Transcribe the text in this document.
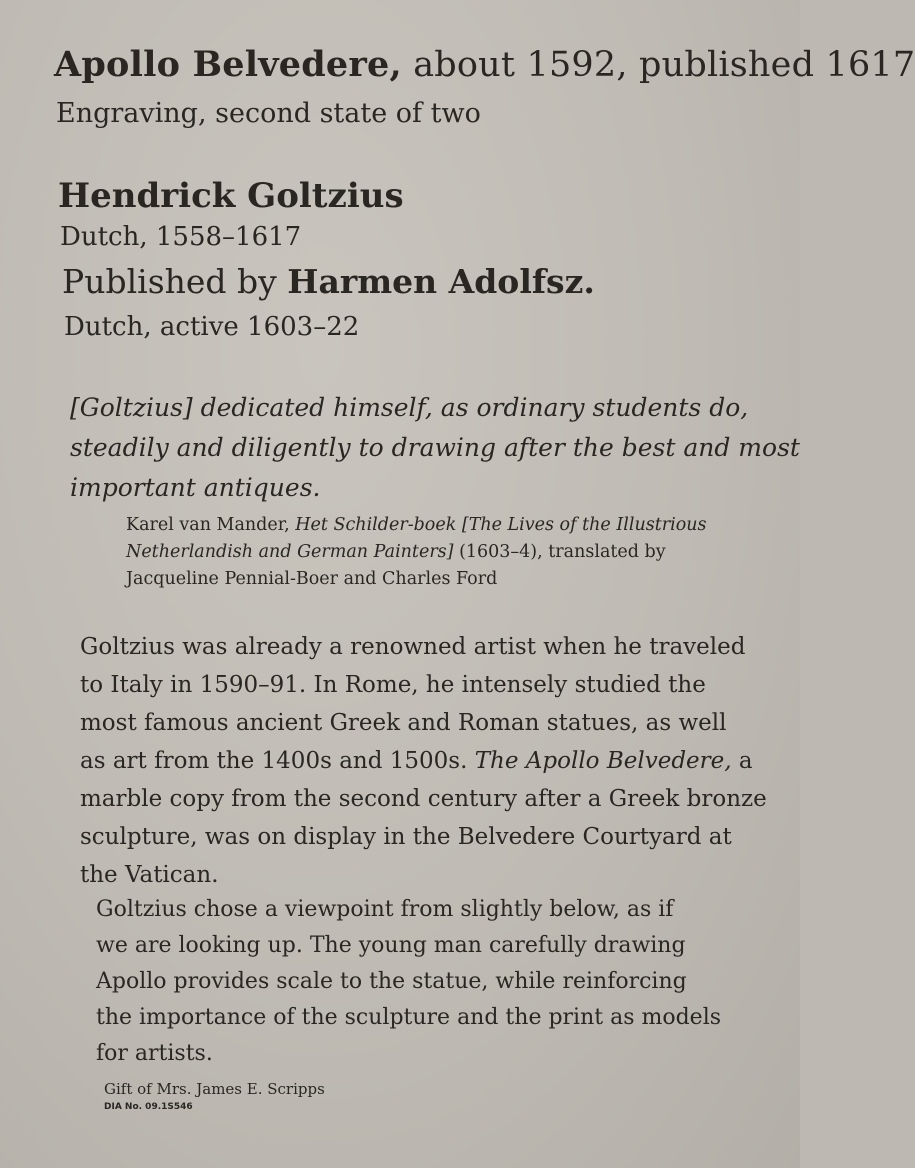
Apollo Belvedere, about 1592, published 1617
Engraving, second state of two
Hendrick Goltzius
Dutch, 1558–1617
Published by Harmen Adolfsz.
Dutch, active 1603–22
[Goltzius] dedicated himself, as ordinary students do,
steadily and diligently to drawing after the best and most
important antiques.
Karel van Mander, Het Schilder-boek [The Lives of the Illustrious
Netherlandish and German Painters] (1603–4), translated by
Jacqueline Pennial-Boer and Charles Ford
Goltzius was already a renowned artist when he traveled
to Italy in 1590–91. In Rome, he intensely studied the
most famous ancient Greek and Roman statues, as well
as art from the 1400s and 1500s. The Apollo Belvedere, a
marble copy from the second century after a Greek bronze
sculpture, was on display in the Belvedere Courtyard at
the Vatican.
Goltzius chose a viewpoint from slightly below, as if
we are looking up. The young man carefully drawing
Apollo provides scale to the statue, while reinforcing
the importance of the sculpture and the print as models
for artists.
Gift of Mrs. James E. Scripps
DIA No. 09.1S546
